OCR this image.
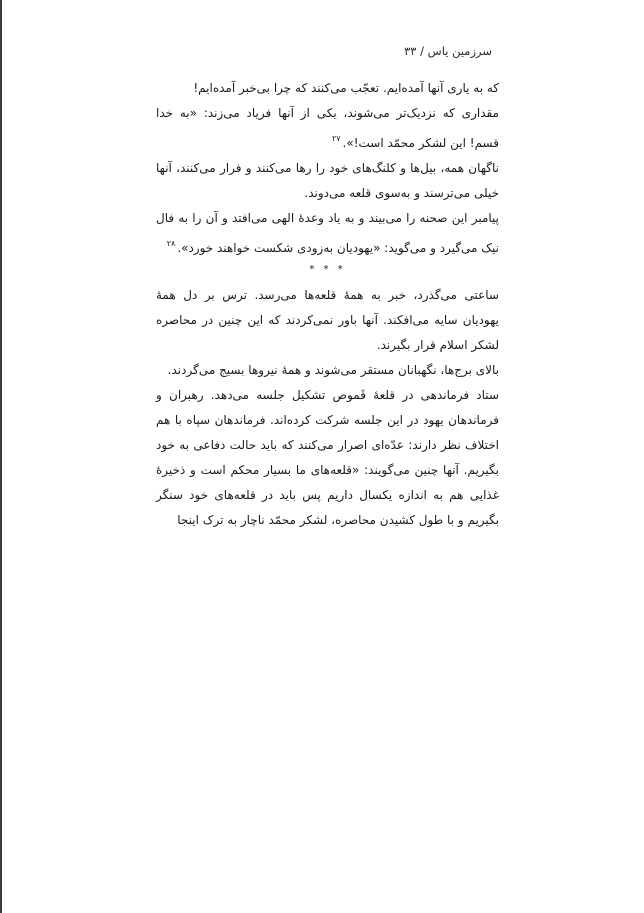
سرزمین یاس / ۳۳

که به یاری آنها آمده‌ایم. تعجّب می‌کنند که چرا بی‌خبر آمده‌ایم!

مقداری که نزدیک‌تر می‌شوند، یکی از آنها فریاد می‌زند: «به خدا قسم! این لشکر محمّد است!».$^{۲۷}$

ناگهان همه، بیل‌ها و کلنگ‌های خود را رها می‌کنند و فرار می‌کنند، آنها خیلی می‌ترسند و بەسوی قلعه می‌دوند.

پیامبر این صحنه را می‌بیند و به یاد وعدۀ الهی می‌افتد و آن را به فال نیک می‌گیرد و می‌گوید: «یهودیان به‌زودی شکست خواهند خورد».$^{۲۸}$

* * *

ساعتی می‌گذرد، خبر به همۀ قلعه‌ها می‌رسد. ترس بر دل همۀ یهودیان سایه می‌افکند. آنها باور نمی‌کردند که این چنین در محاصره لشکر اسلام قرار بگیرند.

بالای برج‌ها، نگهبانان مستقر می‌شوند و همۀ نیروها بسیج می‌گردند.

ستاد فرماندهی در قلعۀ قَموص تشکیل جلسه می‌دهد. رهبران و فرماندهان یهود در این جلسه شرکت کرده‌اند. فرماندهان سپاه با هم اختلاف نظر دارند: عدّه‌ای اصرار می‌کنند که باید حالت دفاعی به خود بگیریم. آنها چنین می‌گویند: «قلعه‌های ما بسیار محکم است و ذخیرۀ غذایی هم به اندازه یکسال داریم پس باید در قلعه‌های خود سنگر بگیریم و با طول کشیدن محاصره، لشکر محمّد ناچار به ترک اینجا
